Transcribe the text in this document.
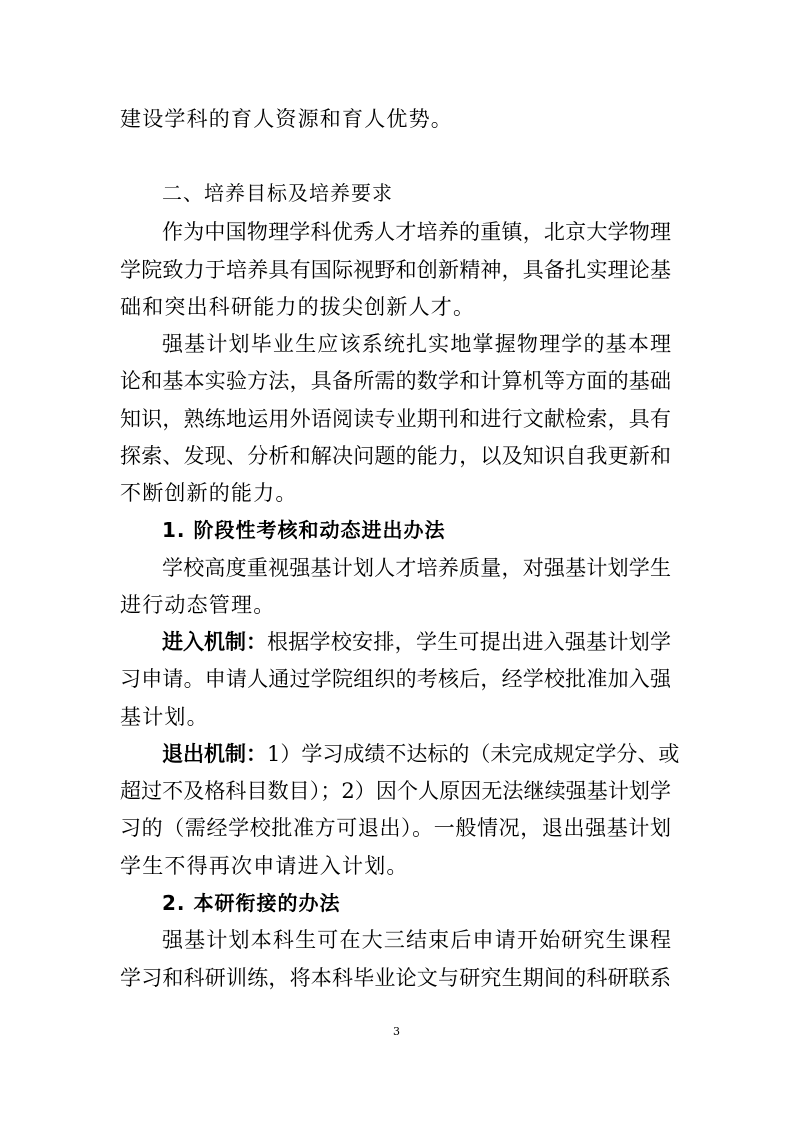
建设学科的育人资源和育人优势。
二、培养目标及培养要求
作为中国物理学科优秀人才培养的重镇，北京大学物理
学院致力于培养具有国际视野和创新精神，具备扎实理论基
础和突出科研能力的拔尖创新人才。
强基计划毕业生应该系统扎实地掌握物理学的基本理
论和基本实验方法，具备所需的数学和计算机等方面的基础
知识，熟练地运用外语阅读专业期刊和进行文献检索，具有
探索、发现、分析和解决问题的能力，以及知识自我更新和
不断创新的能力。
1. 阶段性考核和动态进出办法
学校高度重视强基计划人才培养质量，对强基计划学生
进行动态管理。
进入机制： 根据学校安排，学生可提出进入强基计划学
习申请。申请人通过学院组织的考核后，经学校批准加入强
基计划。
退出机制： 1）学习成绩不达标的（未完成规定学分、或
超过不及格科目数目）；2）因个人原因无法继续强基计划学
习的（需经学校批准方可退出）。一般情况，退出强基计划
学生不得再次申请进入计划。
2. 本研衔接的办法
强基计划本科生可在大三结束后申请开始研究生课程
学习和科研训练，将本科毕业论文与研究生期间的科研联系
3
